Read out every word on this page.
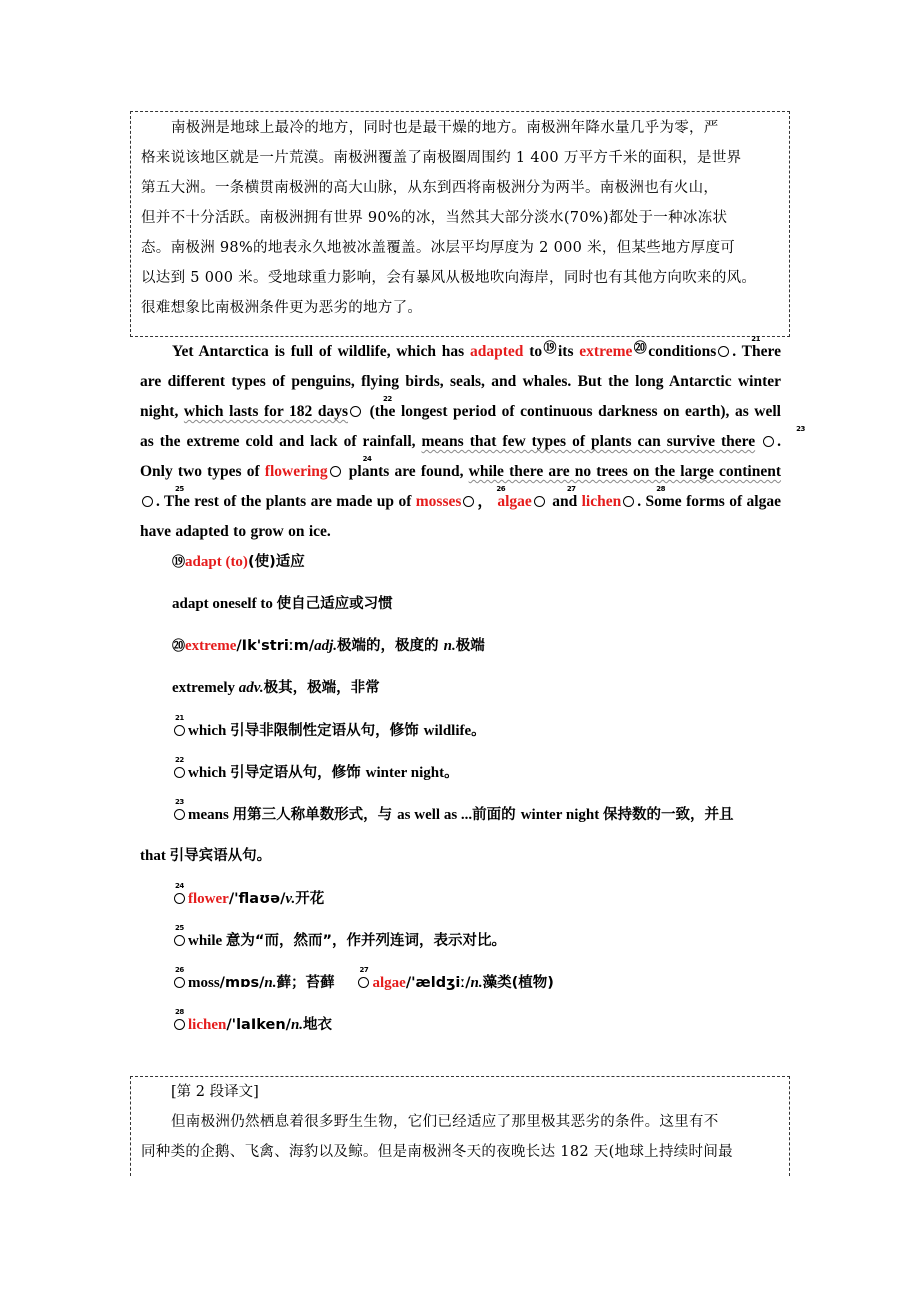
南极洲是地球上最冷的地方，同时也是最干燥的地方。南极洲年降水量几乎为零，严

格来说该地区就是一片荒漠。南极洲覆盖了南极圈周围约 1 400 万平方千米的面积，是世界

第五大洲。一条横贯南极洲的高大山脉，从东到西将南极洲分为两半。南极洲也有火山，

但并不十分活跃。南极洲拥有世界 90%的冰，当然其大部分淡水(70%)都处于一种冰冻状

态。南极洲 98%的地表永久地被冰盖覆盖。冰层平均厚度为 2 000 米，但某些地方厚度可

以达到 5 000 米。受地球重力影响，会有暴风从极地吹向海岸，同时也有其他方向吹来的风。

很难想象比南极洲条件更为恶劣的地方了。

Yet Antarctica is full of wildlife, which has adapted to⑲its extreme⑳conditions
21
. There are different types of penguins, flying birds, seals, and whales. But the long Antarctic winter night, which lasts for 182 days
22
(the longest period of continuous darkness on earth), as well as the extreme cold and lack of rainfall, means that few types of plants can survive there
23
. Only two types of flowering
24
plants are found, while there are no trees on the large continent
25
. The rest of the plants are made up of mosses
26
， algae
27
and lichen
28
. Some forms of algae have adapted to grow on ice.

⑲adapt (to)(使)适应

adapt oneself to 使自己适应或习惯

⑳extreme/Ik'striːm/adj.极端的，极度的 n.极端

extremely adv.极其，极端，非常

21
which 引导非限制性定语从句，修饰 wildlife。

22
which 引导定语从句，修饰 winter night。

23
means 用第三人称单数形式，与 as well as ...前面的 winter night 保持数的一致，并且

that 引导宾语从句。

24
flower/'flaʊə/v.开花

25
while 意为“而，然而”，作并列连词，表示对比。

26
moss/mɒs/n.藓；苔藓
27
algae/'ældʒiː/n.藻类(植物)

28
lichen/'laIken/n.地衣

[第 2 段译文]

但南极洲仍然栖息着很多野生生物，它们已经适应了那里极其恶劣的条件。这里有不

同种类的企鹅、飞禽、海豹以及鲸。但是南极洲冬天的夜晚长达 182 天(地球上持续时间最
